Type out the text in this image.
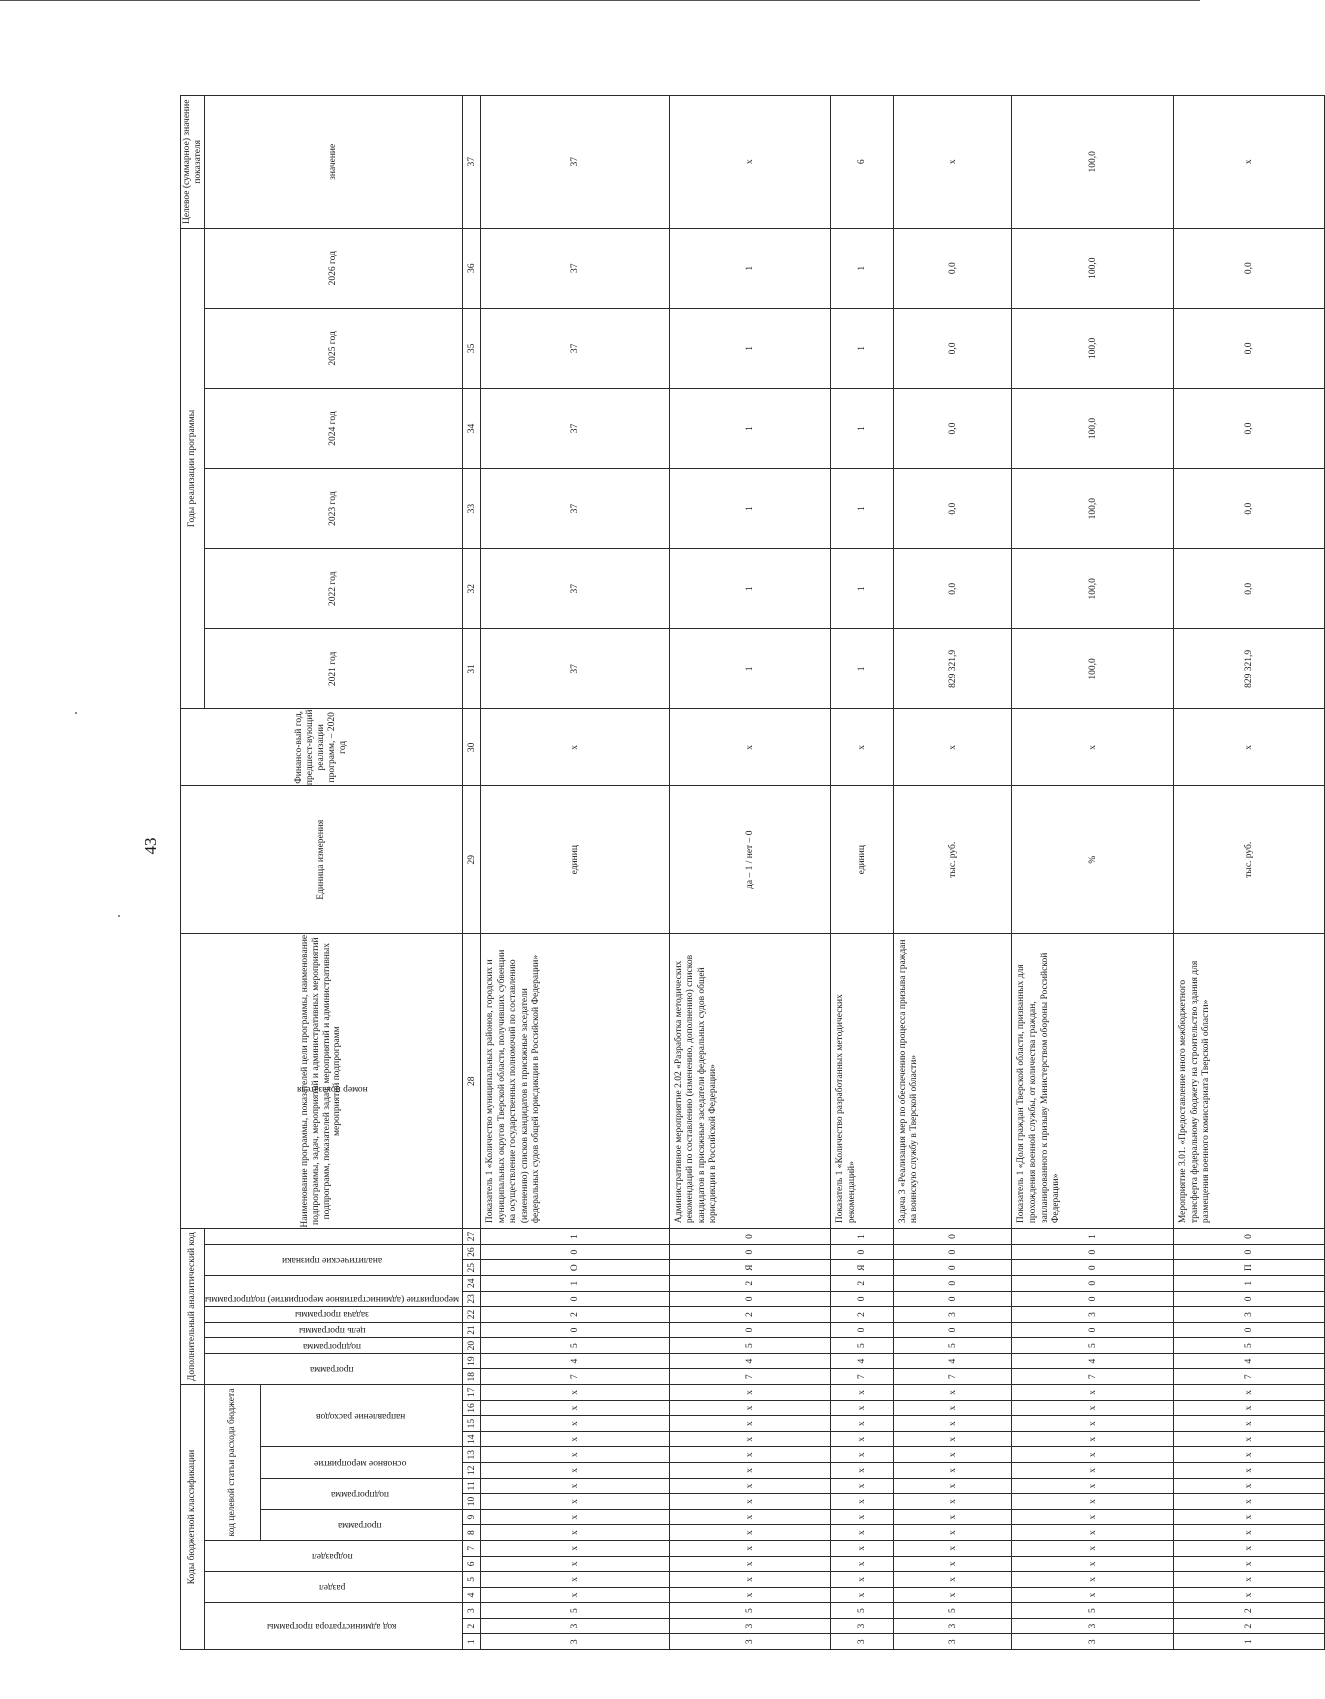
43
Коды бюджетной классификации																	Дополнительный аналитический код										Наименование программы, показателей цели программы, наименование подпрограммы, задач, мероприятий и административных мероприятий подпрограмм, показателей задач, мероприятий и административных мероприятий подпрограмм	Единица измерения	Финансо-вый год, предшест-вующий реализации программ, – 2020 год	Годы реализации программы						Целевое (суммарное) значение показателя
код администратора программы			раздел		подраздел		код целевой статьи расхода бюджета										программа		подпрограмма	цель программы	задача программы	мероприятие (административное мероприятие) подпрограммы		аналитические признаки		номер показателя				2021 год	2022 год	2023 год	2024 год	2025 год	2026 год	значение
							программа		подпрограмма		основное мероприятие		направление расходов																							
1	2	3	4	5	6	7	8	9	10	11	12	13	14	15	16	17	18	19	20	21	22	23	24	25	26	27	28	29	30	31	32	33	34	35	36	37
3	3	5	x	x	x	x	x	x	x	x	x	x	x	x	x	x	7	4	5	0	2	0	1	О	0	1	Показатель 1 «Количество муниципальных районов, городских и муниципальных округов Тверской области, получивших субвенции на осуществление государственных полномочий по составлению (изменению) списков кандидатов в присяжные заседатели федеральных судов общей юрисдикции в Российской Федерации»	единиц	x	37	37	37	37	37	37	37
3	3	5	x	x	x	x	x	x	x	x	x	x	x	x	x	x	7	4	5	0	2	0	2	Я	0	0	Административное мероприятие 2.02 «Разработка методических рекомендаций по составлению (изменению, дополнению) списков кандидатов в присяжные заседатели федеральных судов общей юрисдикции в Российской Федерации»	да – 1 / нет – 0	x	1	1	1	1	1	1	x
3	3	5	x	x	x	x	x	x	x	x	x	x	x	x	x	x	7	4	5	0	2	0	2	Я	0	1	Показатель 1 «Количество разработанных методических рекомендаций»	единиц	x	1	1	1	1	1	1	6
3	3	5	x	x	x	x	x	x	x	x	x	x	x	x	x	x	7	4	5	0	3	0	0	0	0	0	Задача 3 «Реализация мер по обеспечению процесса призыва граждан на воинскую службу в Тверской области»	тыс. руб.	x	829 321,9	0,0	0,0	0,0	0,0	0,0	x
3	3	5	x	x	x	x	x	x	x	x	x	x	x	x	x	x	7	4	5	0	3	0	0	0	0	1	Показатель 1 «Доля граждан Тверской области, призванных для прохождения военной службы, от количества граждан, запланированного к призыву Министерством обороны Российской Федерации»	%	x	100,0	100,0	100,0	100,0	100,0	100,0	100,0
1	2	2	x	x	x	x	x	x	x	x	x	x	x	x	x	x	7	4	5	0	3	0	1	П	0	0	Мероприятие 3.01. «Предоставление иного межбюджетного трансферта федеральному бюджету на строительство здания для размещения военного комиссариата Тверской области»	тыс. руб.	x	829 321,9	0,0	0,0	0,0	0,0	0,0	x
